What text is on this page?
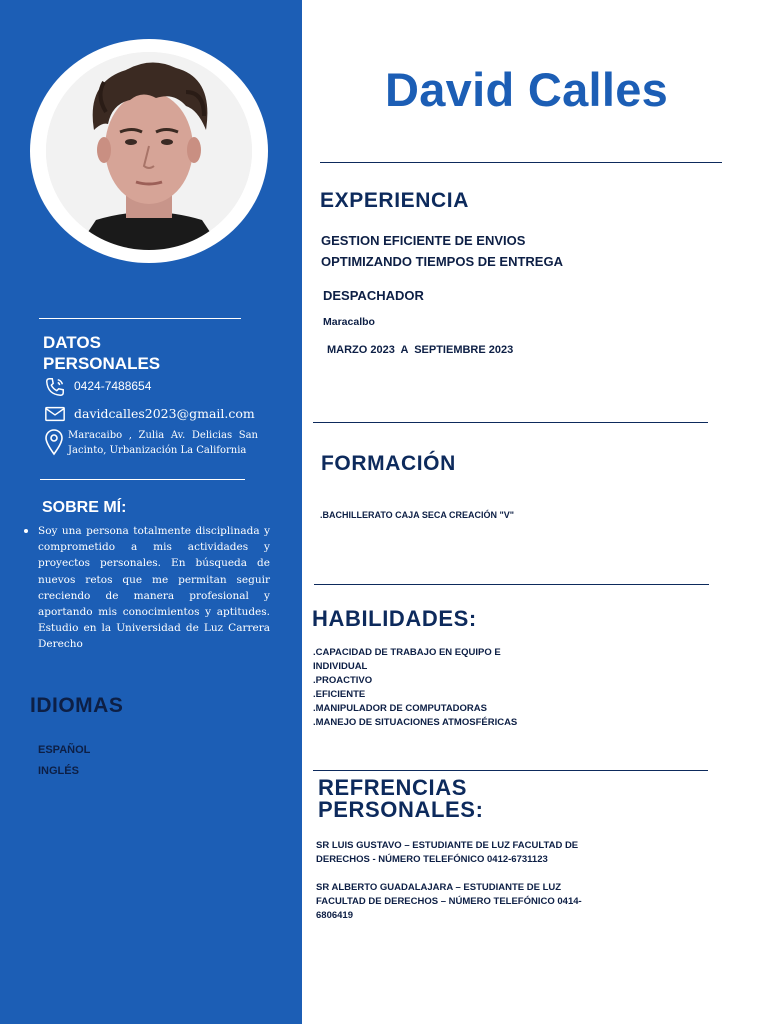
DATOS PERSONALES
0424-7488654
davidcalles2023@gmail.com
Maracaibo , Zulia Av. Delicias San Jacinto, Urbanización La California
SOBRE MÍ:
Soy una persona totalmente disciplinada y comprometido a mis actividades y proyectos personales. En búsqueda de nuevos retos que me permitan seguir creciendo de manera profesional y aportando mis conocimientos y aptitudes. Estudio en la Universidad de Luz Carrera Derecho
IDIOMAS
ESPAÑOL
INGLÉS
David Calles
EXPERIENCIA
GESTION EFICIENTE DE ENVIOS
OPTIMIZANDO TIEMPOS DE ENTREGA
DESPACHADOR
Maracalbo
MARZO 2023  A  SEPTIEMBRE 2023
FORMACIÓN
.BACHILLERATO CAJA SECA CREACIÓN "V"
HABILIDADES:
.CAPACIDAD DE TRABAJO EN EQUIPO E
INDIVIDUAL
.PROACTIVO
.EFICIENTE
.MANIPULADOR DE COMPUTADORAS
.MANEJO DE SITUACIONES ATMOSFÉRICAS
REFRENCIAS
PERSONALES:
SR LUIS GUSTAVO – ESTUDIANTE DE LUZ FACULTAD DE
DERECHOS - NÚMERO TELEFÓNICO 0412-6731123
SR ALBERTO GUADALAJARA – ESTUDIANTE DE LUZ
FACULTAD DE DERECHOS – NÚMERO TELEFÓNICO 0414-
6806419
